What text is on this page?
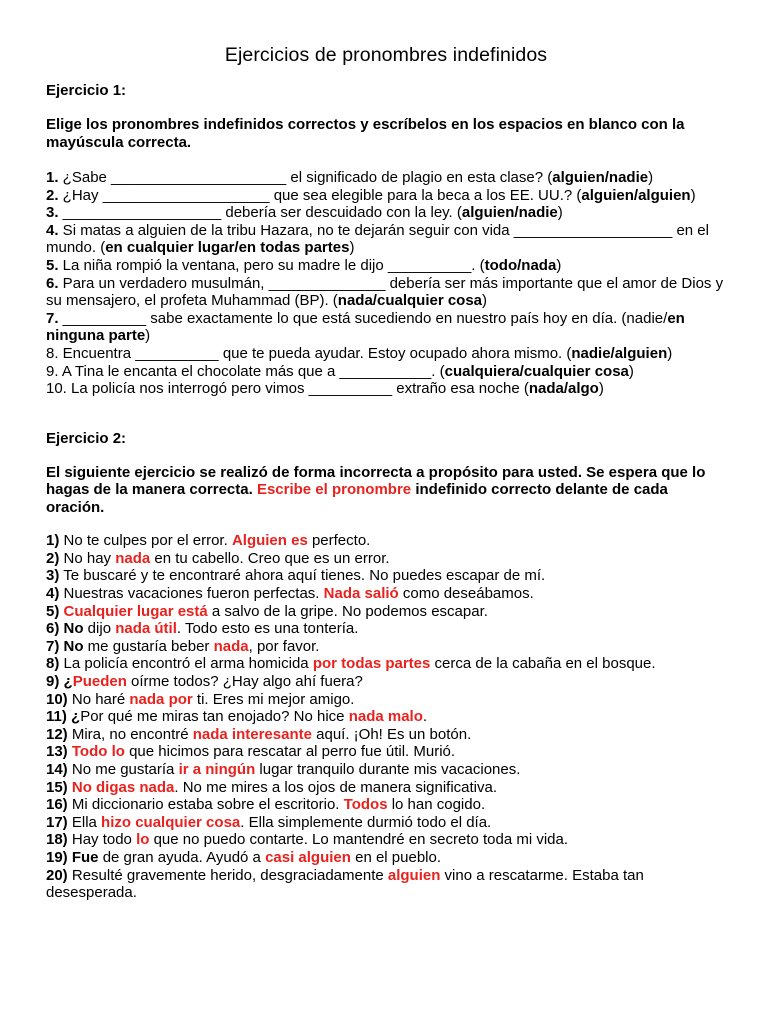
Ejercicios de pronombres indefinidos
Ejercicio 1:
Elige los pronombres indefinidos correctos y escríbelos en los espacios en blanco con la mayúscula correcta.

1. ¿Sabe _____________________ el significado de plagio en esta clase? (alguien/nadie)

2. ¿Hay ____________________ que sea elegible para la beca a los EE. UU.? (alguien/alguien)

3. ___________________ debería ser descuidado con la ley. (alguien/nadie)

4. Si matas a alguien de la tribu Hazara, no te dejarán seguir con vida ___________________ en el mundo. (en cualquier lugar/en todas partes)

5. La niña rompió la ventana, pero su madre le dijo __________. (todo/nada)

6. Para un verdadero musulmán, ______________ debería ser más importante que el amor de Dios y su mensajero, el profeta Muhammad (BP). (nada/cualquier cosa)

7. __________ sabe exactamente lo que está sucediendo en nuestro país hoy en día. (nadie/en ninguna parte)

8. Encuentra __________ que te pueda ayudar. Estoy ocupado ahora mismo. (nadie/alguien)

9. A Tina le encanta el chocolate más que a ___________. (cualquiera/cualquier cosa)

10. La policía nos interrogó pero vimos __________ extraño esa noche (nada/algo)

Ejercicio 2:
El siguiente ejercicio se realizó de forma incorrecta a propósito para usted. Se espera que lo hagas de la manera correcta. Escribe el pronombre indefinido correcto delante de cada oración.

1) No te culpes por el error. Alguien es perfecto.

2) No hay nada en tu cabello. Creo que es un error.

3) Te buscaré y te encontraré ahora aquí tienes. No puedes escapar de mí.

4) Nuestras vacaciones fueron perfectas. Nada salió como deseábamos.

5) Cualquier lugar está a salvo de la gripe. No podemos escapar.

6) No dijo nada útil. Todo esto es una tontería.

7) No me gustaría beber nada, por favor.

8) La policía encontró el arma homicida por todas partes cerca de la cabaña en el bosque.

9) ¿Pueden oírme todos? ¿Hay algo ahí fuera?

10) No haré nada por ti. Eres mi mejor amigo.

11) ¿Por qué me miras tan enojado? No hice nada malo.

12) Mira, no encontré nada interesante aquí. ¡Oh! Es un botón.

13) Todo lo que hicimos para rescatar al perro fue útil. Murió.

14) No me gustaría ir a ningún lugar tranquilo durante mis vacaciones.

15) No digas nada. No me mires a los ojos de manera significativa.

16) Mi diccionario estaba sobre el escritorio. Todos lo han cogido.

17) Ella hizo cualquier cosa. Ella simplemente durmió todo el día.

18) Hay todo lo que no puedo contarte. Lo mantendré en secreto toda mi vida.

19) Fue de gran ayuda. Ayudó a casi alguien en el pueblo.

20) Resulté gravemente herido, desgraciadamente alguien vino a rescatarme. Estaba tan desesperada.
